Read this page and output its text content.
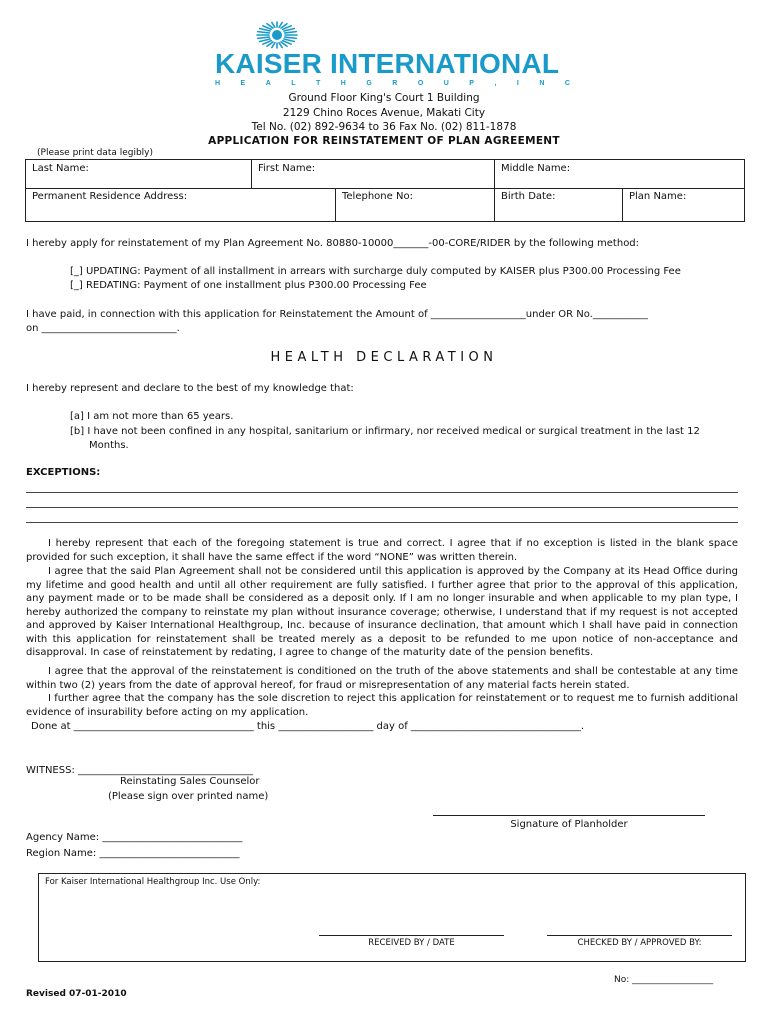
KAISER INTERNATIONAL
H	E	A	L	T	H	G	R	O	U	P	,	I	N	C
Ground Floor King's Court 1 Building
2129 Chino Roces Avenue, Makati City
Tel No. (02) 892-9634 to 36 Fax No. (02) 811-1878
APPLICATION FOR REINSTATEMENT OF PLAN AGREEMENT
(Please print data legibly)
Last Name:	First Name:	Middle Name:
Permanent Residence Address:	Telephone No:	Birth Date:	Plan Name:
I hereby apply for reinstatement of my Plan Agreement No. 80880-10000_______-00-CORE/RIDER by the following method:
[_] UPDATING: Payment of all installment in arrears with surcharge duly computed by KAISER plus P300.00 Processing Fee
[_] REDATING: Payment of one installment plus P300.00 Processing Fee
I have paid, in connection with this application for Reinstatement the Amount of ___________________under OR No.___________
on ___________________________.
HEALTH DECLARATION
I hereby represent and declare to the best of my knowledge that:
[a] I am not more than 65 years.
[b] I have not been confined in any hospital, sanitarium or infirmary, nor received medical or surgical treatment in the last 12 Months.
EXCEPTIONS:
I hereby represent that each of the foregoing statement is true and correct. I agree that if no exception is listed in the blank space provided for such exception, it shall have the same effect if the word “NONE” was written therein.
I agree that the said Plan Agreement shall not be considered until this application is approved by the Company at its Head Office during my lifetime and good health and until all other requirement are fully satisfied. I further agree that prior to the approval of this application, any payment made or to be made shall be considered as a deposit only. If I am no longer insurable and when applicable to my plan type, I hereby authorized the company to reinstate my plan without insurance coverage; otherwise, I understand that if my request is not accepted and approved by Kaiser International Healthgroup, Inc. because of insurance declination, that amount which I shall have paid in connection with this application for reinstatement shall be treated merely as a deposit to be refunded to me upon notice of non-acceptance and disapproval. In case of reinstatement by redating, I agree to change of the maturity date of the pension benefits.
I agree that the approval of the reinstatement is conditioned on the truth of the above statements and shall be contestable at any time within two (2) years from the date of approval hereof, for fraud or misrepresentation of any material facts herein stated.
I further agree that the company has the sole discretion to reject this application for reinstatement or to request me to furnish additional evidence of insurability before acting on my application.
Done at ____________________________________ this ___________________ day of __________________________________.
WITNESS: ___________________________________
Reinstating Sales Counselor
(Please sign over printed name)
Signature of Planholder
Agency Name: ____________________________
Region Name: ____________________________
For Kaiser International Healthgroup Inc. Use Only:
RECEIVED BY / DATE	CHECKED BY / APPROVED BY:
No: __________________
Revised 07-01-2010
